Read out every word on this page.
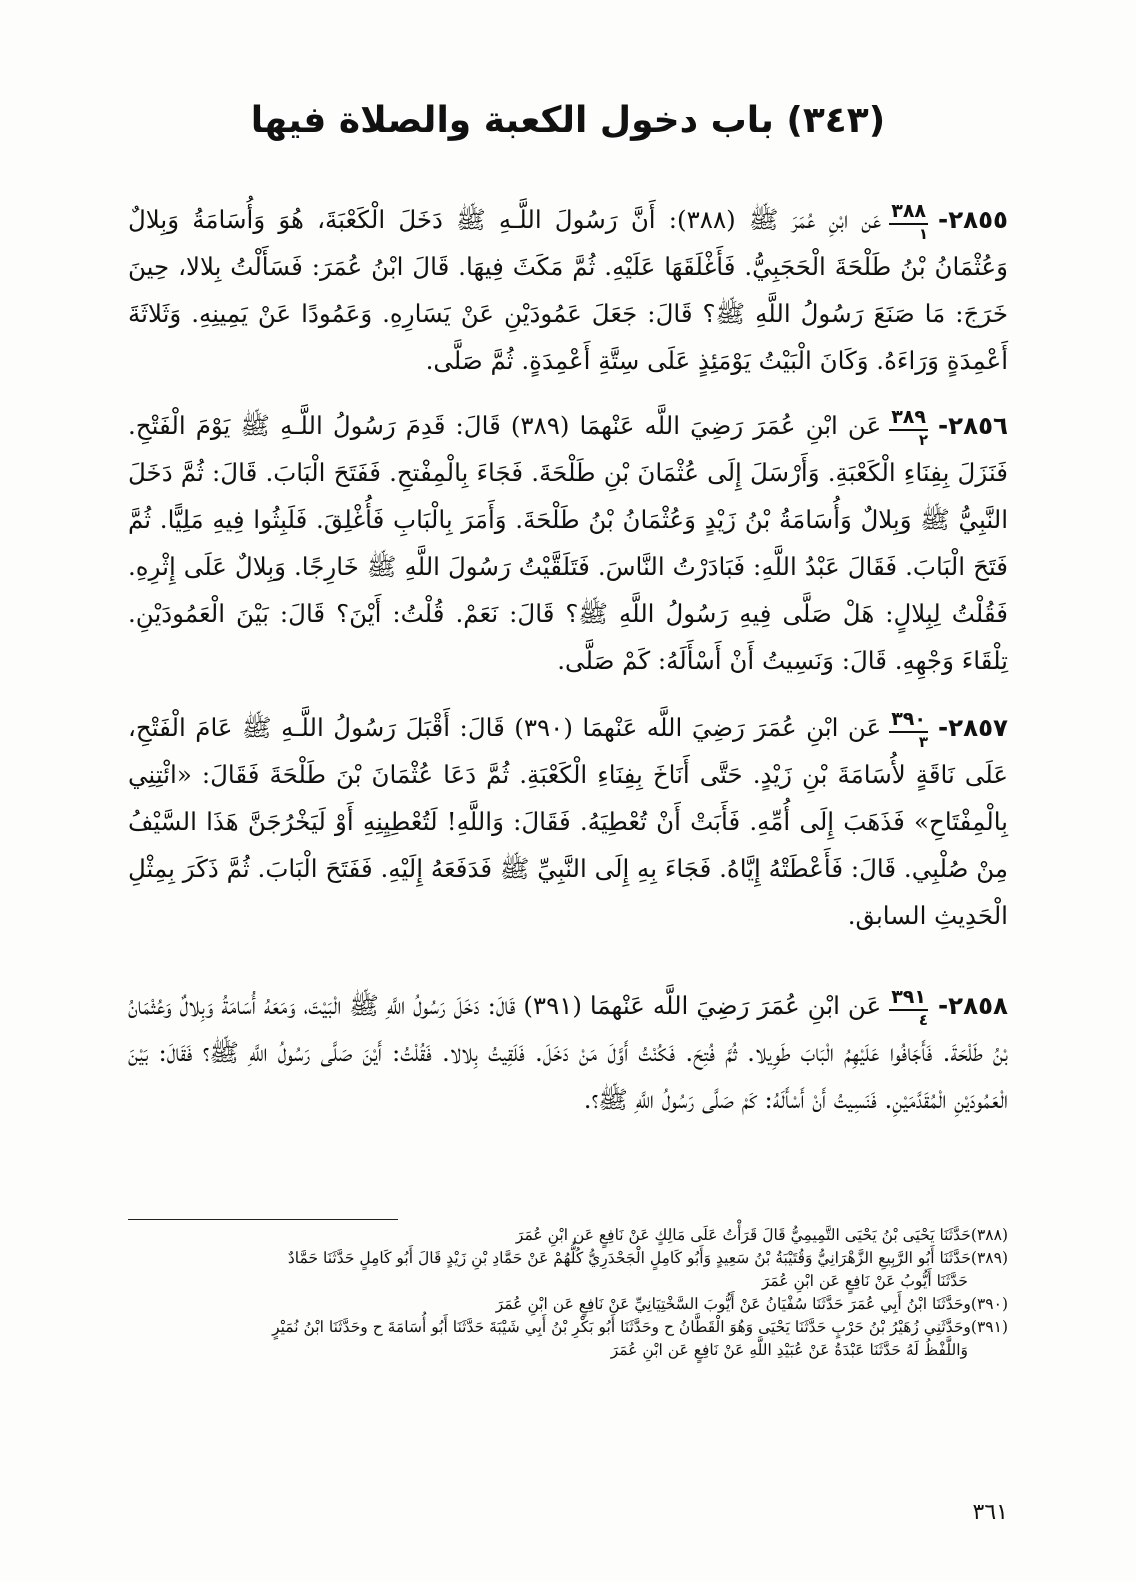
(٣٤٣) باب دخول الكعبة والصلاة فيها
٢٨٥٥-
$\frac{٣٨٨}{١}$
عَن ابْنِ عُمَرَ ﷺ (٣٨٨): أَنَّ رَسُولَ اللَّـهِ ﷺ دَخَلَ الْكَعْبَةَ، هُوَ وَأُسَامَةُ وَبِلالٌ وَعُثْمَانُ بْنُ طَلْحَةَ الْحَجَبِيُّ. فَأَغْلَقَهَا عَلَيْهِ. ثُمَّ مَكَثَ فِيهَا. قَالَ ابْنُ عُمَرَ: فَسَأَلْتُ بِلالا، حِينَ خَرَجَ: مَا صَنَعَ رَسُولُ اللَّهِ ﷺ؟ قَالَ: جَعَلَ عَمُودَيْنِ عَنْ يَسَارِهِ. وَعَمُودًا عَنْ يَمِينِهِ. وَثَلاثَةَ أَعْمِدَةٍ وَرَاءَهُ. وَكَانَ الْبَيْتُ يَوْمَئِذٍ عَلَى سِتَّةِ أَعْمِدَةٍ. ثُمَّ صَلَّى.
٢٨٥٦-
$\frac{٣٨٩}{٢}$
عَن ابْنِ عُمَرَ رَضِيَ اللَّه عَنْهمَا (٣٨٩) قَالَ: قَدِمَ رَسُولُ اللَّـهِ ﷺ يَوْمَ الْفَتْحِ. فَنَزَلَ بِفِنَاءِ الْكَعْبَةِ. وَأَرْسَلَ إِلَى عُثْمَانَ بْنِ طَلْحَةَ. فَجَاءَ بِالْمِفْتحِ. فَفَتَحَ الْبَابَ. قَالَ: ثُمَّ دَخَلَ النَّبِيُّ ﷺ وَبِلالٌ وَأُسَامَةُ بْنُ زَيْدٍ وَعُثْمَانُ بْنُ طَلْحَةَ. وَأَمَرَ بِالْبَابِ فَأُغْلِقَ. فَلَبِثُوا فِيهِ مَلِيًّا. ثُمَّ فَتَحَ الْبَابَ. فَقَالَ عَبْدُ اللَّهِ: فَبَادَرْتُ النَّاسَ. فَتَلَقَّيْتُ رَسُولَ اللَّهِ ﷺ خَارِجًا. وَبِلالٌ عَلَى إِثْرِهِ. فَقُلْتُ لِبِلالٍ: هَلْ صَلَّى فِيهِ رَسُولُ اللَّهِ ﷺ؟ قَالَ: نَعَمْ. قُلْتُ: أَيْنَ؟ قَالَ: بَيْنَ الْعَمُودَيْنِ. تِلْقَاءَ وَجْهِهِ. قَالَ: وَنَسِيتُ أَنْ أَسْأَلَهُ: كَمْ صَلَّى.
٢٨٥٧-
$\frac{٣٩٠}{٣}$
عَن ابْنِ عُمَرَ رَضِيَ اللَّه عَنْهمَا (٣٩٠) قَالَ: أَقْبَلَ رَسُولُ اللَّـهِ ﷺ عَامَ الْفَتْحِ، عَلَى نَاقَةٍ لأُسَامَةَ بْنِ زَيْدٍ. حَتَّى أَنَاخَ بِفِنَاءِ الْكَعْبَةِ. ثُمَّ دَعَا عُثْمَانَ بْنَ طَلْحَةَ فَقَالَ: «ائْتِنِي بِالْمِفْتَاحِ» فَذَهَبَ إِلَى أُمِّهِ. فَأَبَتْ أَنْ تُعْطِيَهُ. فَقَالَ: وَاللَّهِ! لَتُعْطِيِنِهِ أَوْ لَيَخْرُجَنَّ هَذَا السَّيْفُ مِنْ صُلْبِي. قَالَ: فَأَعْطَتْهُ إِيَّاهُ. فَجَاءَ بِهِ إِلَى النَّبِيِّ ﷺ فَدَفَعَهُ إِلَيْهِ. فَفَتَحَ الْبَابَ. ثُمَّ ذَكَرَ بِمِثْلِ الْحَدِيثِ السابق.
٢٨٥٨-
$\frac{٣٩١}{٤}$
عَن ابْنِ عُمَرَ رَضِيَ اللَّه عَنْهمَا (٣٩١) قَالَ: دَخَلَ رَسُولُ اللَّهِ ﷺ الْبَيْتَ، وَمَعَهُ أُسَامَةُ وَبِلالٌ وَعُثْمَانُ بْنُ طَلْحَةَ. فَأَجَافُوا عَلَيْهِمُ الْبَابَ طَوِيلا. ثُمَّ فُتِحَ. فَكُنْتُ أَوَّلَ مَنْ دَخَلَ. فَلَقِيتُ بِلالا. فَقُلْتُ: أَيْنَ صَلَّى رَسُولُ اللَّهِ ﷺ؟ فَقَالَ: بَيْنَ الْعَمُودَيْنِ الْمُقَدَّمَيْنِ. فَنَسِيتُ أَنْ أَسْأَلَهُ: كَمْ صَلَّى رَسُولُ اللَّهِ ﷺ؟.

(٣٨٨)حَدَّثَنَا يَحْيَى بْنُ يَحْيَى التَّمِيمِيُّ قَالَ قَرَأْتُ عَلَى مَالِكٍ عَنْ نَافِعٍ عَن ابْنِ عُمَرَ

(٣٨٩)حَدَّثَنَا أَبُو الرَّبِيعِ الزَّهْرَانِيُّ وَقُتَيْبَةُ بْنُ سَعِيدٍ وَأَبُو كَامِلٍ الْجَحْدَرِيُّ كُلُّهُمْ عَنْ حَمَّادِ بْنِ زَيْدٍ قَالَ أَبُو كَامِلٍ حَدَّثَنَا حَمَّادٌ

حَدَّثَنَا أَيُّوبُ عَنْ نَافِعٍ عَن ابْنِ عُمَرَ

(٣٩٠)وحَدَّثَنَا ابْنُ أَبِي عُمَرَ حَدَّثَنَا سُفْيَانُ عَنْ أَيُّوبَ السَّخْتِيَانِيِّ عَنْ نَافِعٍ عَن ابْنِ عُمَرَ

(٣٩١)وحَدَّثَنِي زُهَيْرُ بْنُ حَرْبٍ حَدَّثَنَا يَحْيَى وَهُوَ الْقَطَّانُ ح وحَدَّثَنَا أَبُو بَكْرِ بْنُ أَبِي شَيْبَةَ حَدَّثَنَا أَبُو أُسَامَةَ ح وحَدَّثَنَا ابْنُ نُمَيْرٍ

وَاللَّفْظُ لَهُ حَدَّثَنَا عَبْدَةُ عَنْ عُبَيْدِ اللَّهِ عَنْ نَافِعٍ عَن ابْنِ عُمَرَ

٣٦١
